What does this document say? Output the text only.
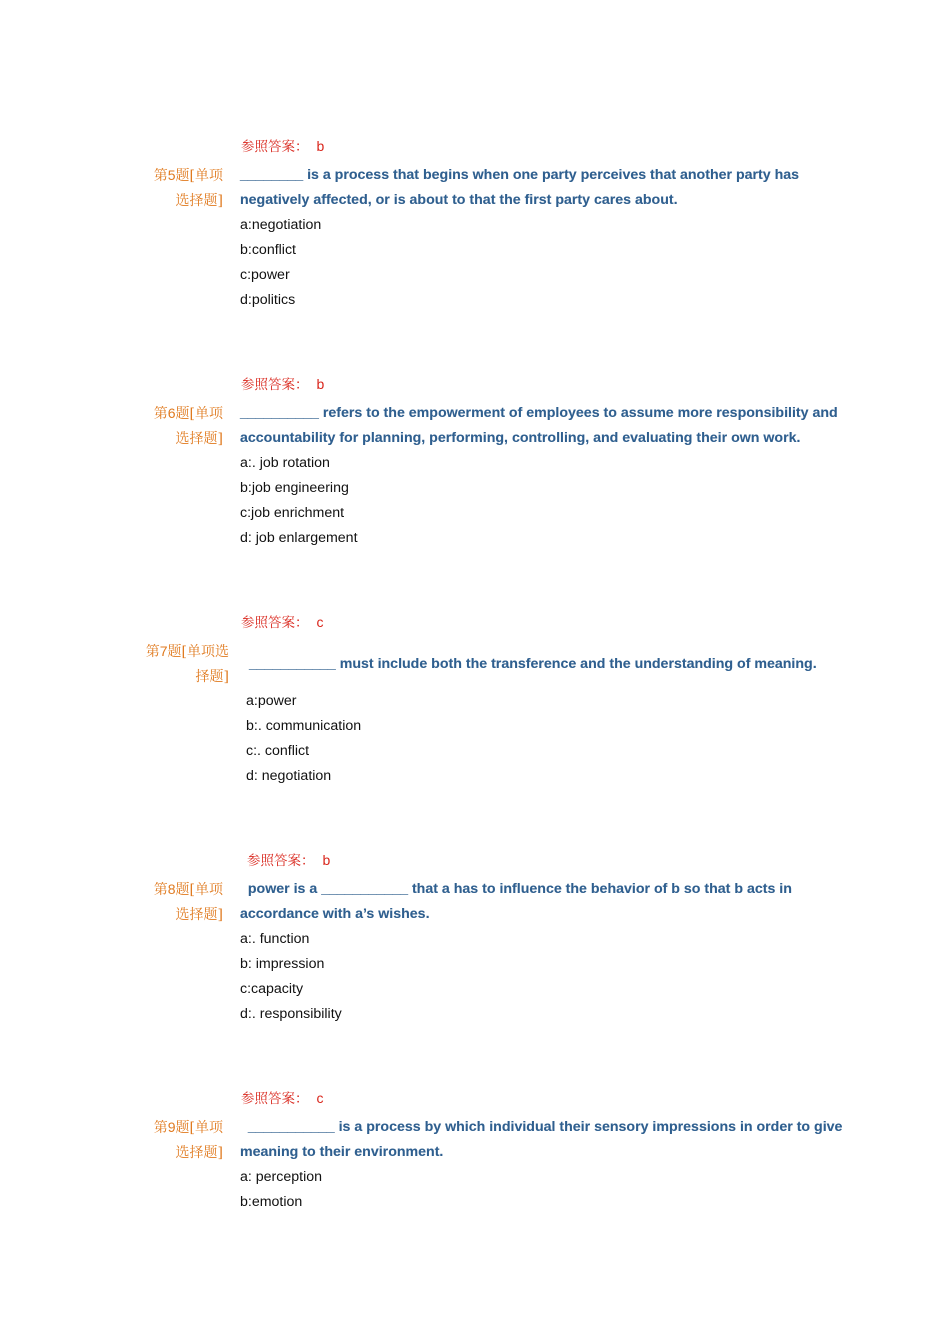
参照答案： b
第5题[单项
选择题]
________ is a process that begins when one party perceives that another party has
negatively affected, or is about to that the first party cares about.
a:negotiation
b:conflict
c:power
d:politics
参照答案： b
第6题[单项
选择题]
__________ refers to the empowerment of employees to assume more responsibility and
accountability for planning, performing, controlling, and evaluating their own work.
a:. job rotation
b:job engineering
c:job enrichment
d: job enlargement
参照答案： c
第7题[单项选
择题]
___________ must include both the transference and the understanding of meaning.
a:power
b:. communication
c:. conflict
d: negotiation
参照答案： b
第8题[单项
选择题]
power is a ___________ that a has to influence the behavior of b so that b acts in
accordance with a’s wishes.
a:. function
b: impression
c:capacity
d:. responsibility
参照答案： c
第9题[单项
选择题]
___________ is a process by which individual their sensory impressions in order to give
meaning to their environment.
a: perception
b:emotion
